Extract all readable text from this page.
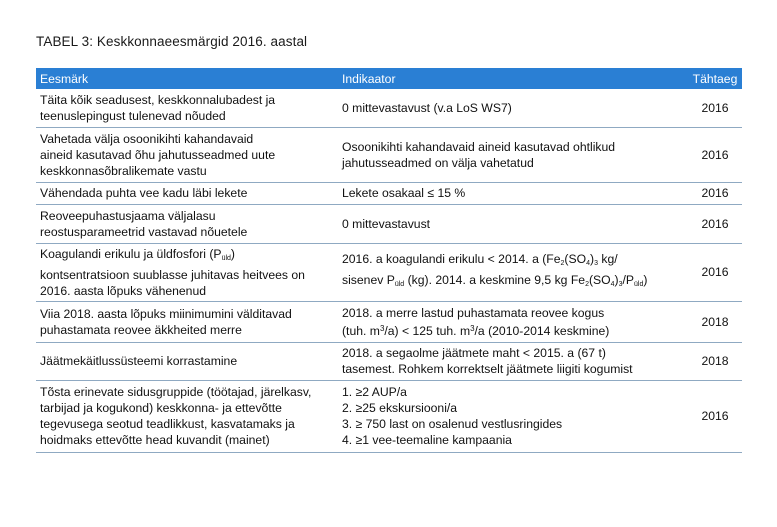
TABEL 3: Keskkonnaeesmärgid 2016. aastal
Eesmärk	Indikaator	Tähtaeg
Täita kõik seadusest, keskkonnalubadest ja
teenuslepingust tulenevad nõuded	0 mittevastavust (v.a LoS WS7)	2016
Vahetada välja osoonikihti kahandavaid
aineid kasutavad õhu jahutusseadmed uute
keskkonnasõbralikemate vastu	Osoonikihti kahandavaid aineid kasutavad ohtlikud
jahutusseadmed on välja vahetatud	2016
Vähendada puhta vee kadu läbi lekete	Lekete osakaal ≤ 15 %	2016
Reoveepuhastusjaama väljalasu
reostusparameetrid vastavad nõuetele	0 mittevastavust	2016
Koagulandi erikulu ja üldfosfori $(P_{üld})$
kontsentratsioon suublasse juhitavas heitvees on
2016. aasta lõpuks vähenenud	2016. a koagulandi erikulu < 2014. a ($Fe_2(SO_4)_3$ kg/
sisenev $P_{üld}$ (kg). 2014. a keskmine 9,5 kg $Fe_2(SO_4)_3/P_{üld}$)	2016
Viia 2018. aasta lõpuks miinimumini välditavad
puhastamata reovee äkkheited merre	2018. a merre lastud puhastamata reovee kogus
(tuh. $m^3/a) < 125$ tuh. $m^3/a$ (2010-2014 keskmine)	2018
Jäätmekäitlussüsteemi korrastamine	2018. a segaolme jäätmete maht < 2015. a (67 t)
tasemest. Rohkem korrektselt jäätmete liigiti kogumist	2018
Tõsta erinevate sidusgruppide (töötajad, järelkasv,
tarbijad ja kogukond) keskkonna- ja ettevõtte
tegevusega seotud teadlikkust, kasvatamaks ja
hoidmaks ettevõtte head kuvandit (mainet)	1. ≥2 AUP/a
2. ≥25 ekskursiooni/a
3. ≥ 750 last on osalenud vestlusringides
4. ≥1 vee-teemaline kampaania	2016
